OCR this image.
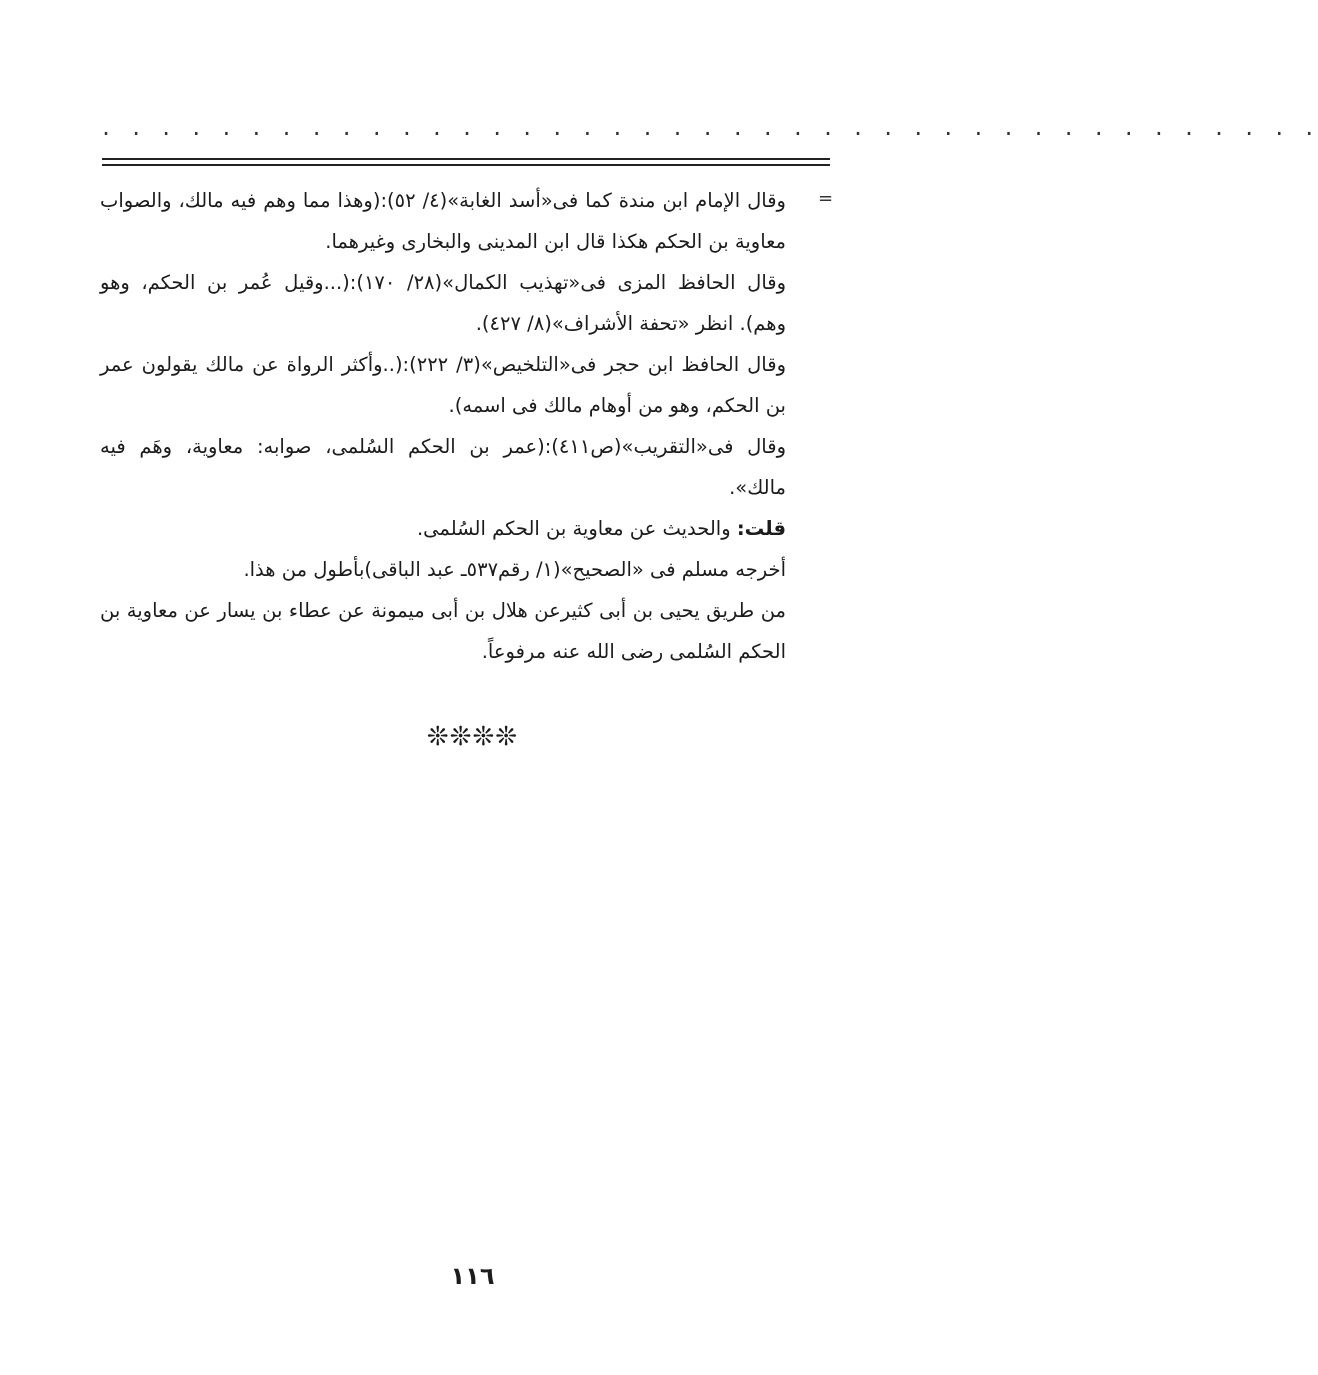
. . . . . . . . . . . . . . . . . . . . . . . . . . . . . . . . . . . . . . . . .
=

وقال الإمام ابن مندة كما فى«أسد الغابة»(٤/ ٥٢):(وهذا مما وهم فيه مالك، والصواب معاوية بن الحكم هكذا قال ابن المدينى والبخارى وغيرهما.

وقال الحافظ المزى فى«تهذيب الكمال»(٢٨/ ١٧٠):(...وقيل عُمر بن الحكم، وهو وهم). انظر «تحفة الأشراف»(٨/ ٤٢٧).

وقال الحافظ ابن حجر فى«التلخيص»(٣/ ٢٢٢):(..وأكثر الرواة عن مالك يقولون عمر بن الحكم، وهو من أوهام مالك فى اسمه).

وقال فى«التقريب»(ص٤١١):(عمر بن الحكم السُلمى، صوابه: معاوية، وهَم فيه مالك».

قلت: والحديث عن معاوية بن الحكم السُلمى.

أخرجه مسلم فى «الصحيح»(١/ رقم٥٣٧ـ عبد الباقى)بأطول من هذا.

من طريق يحيى بن أبى كثيرعن هلال بن أبى ميمونة عن عطاء بن يسار عن معاوية بن الحكم السُلمى رضى الله عنه مرفوعاً.

❊❊❊❊
١١٦
